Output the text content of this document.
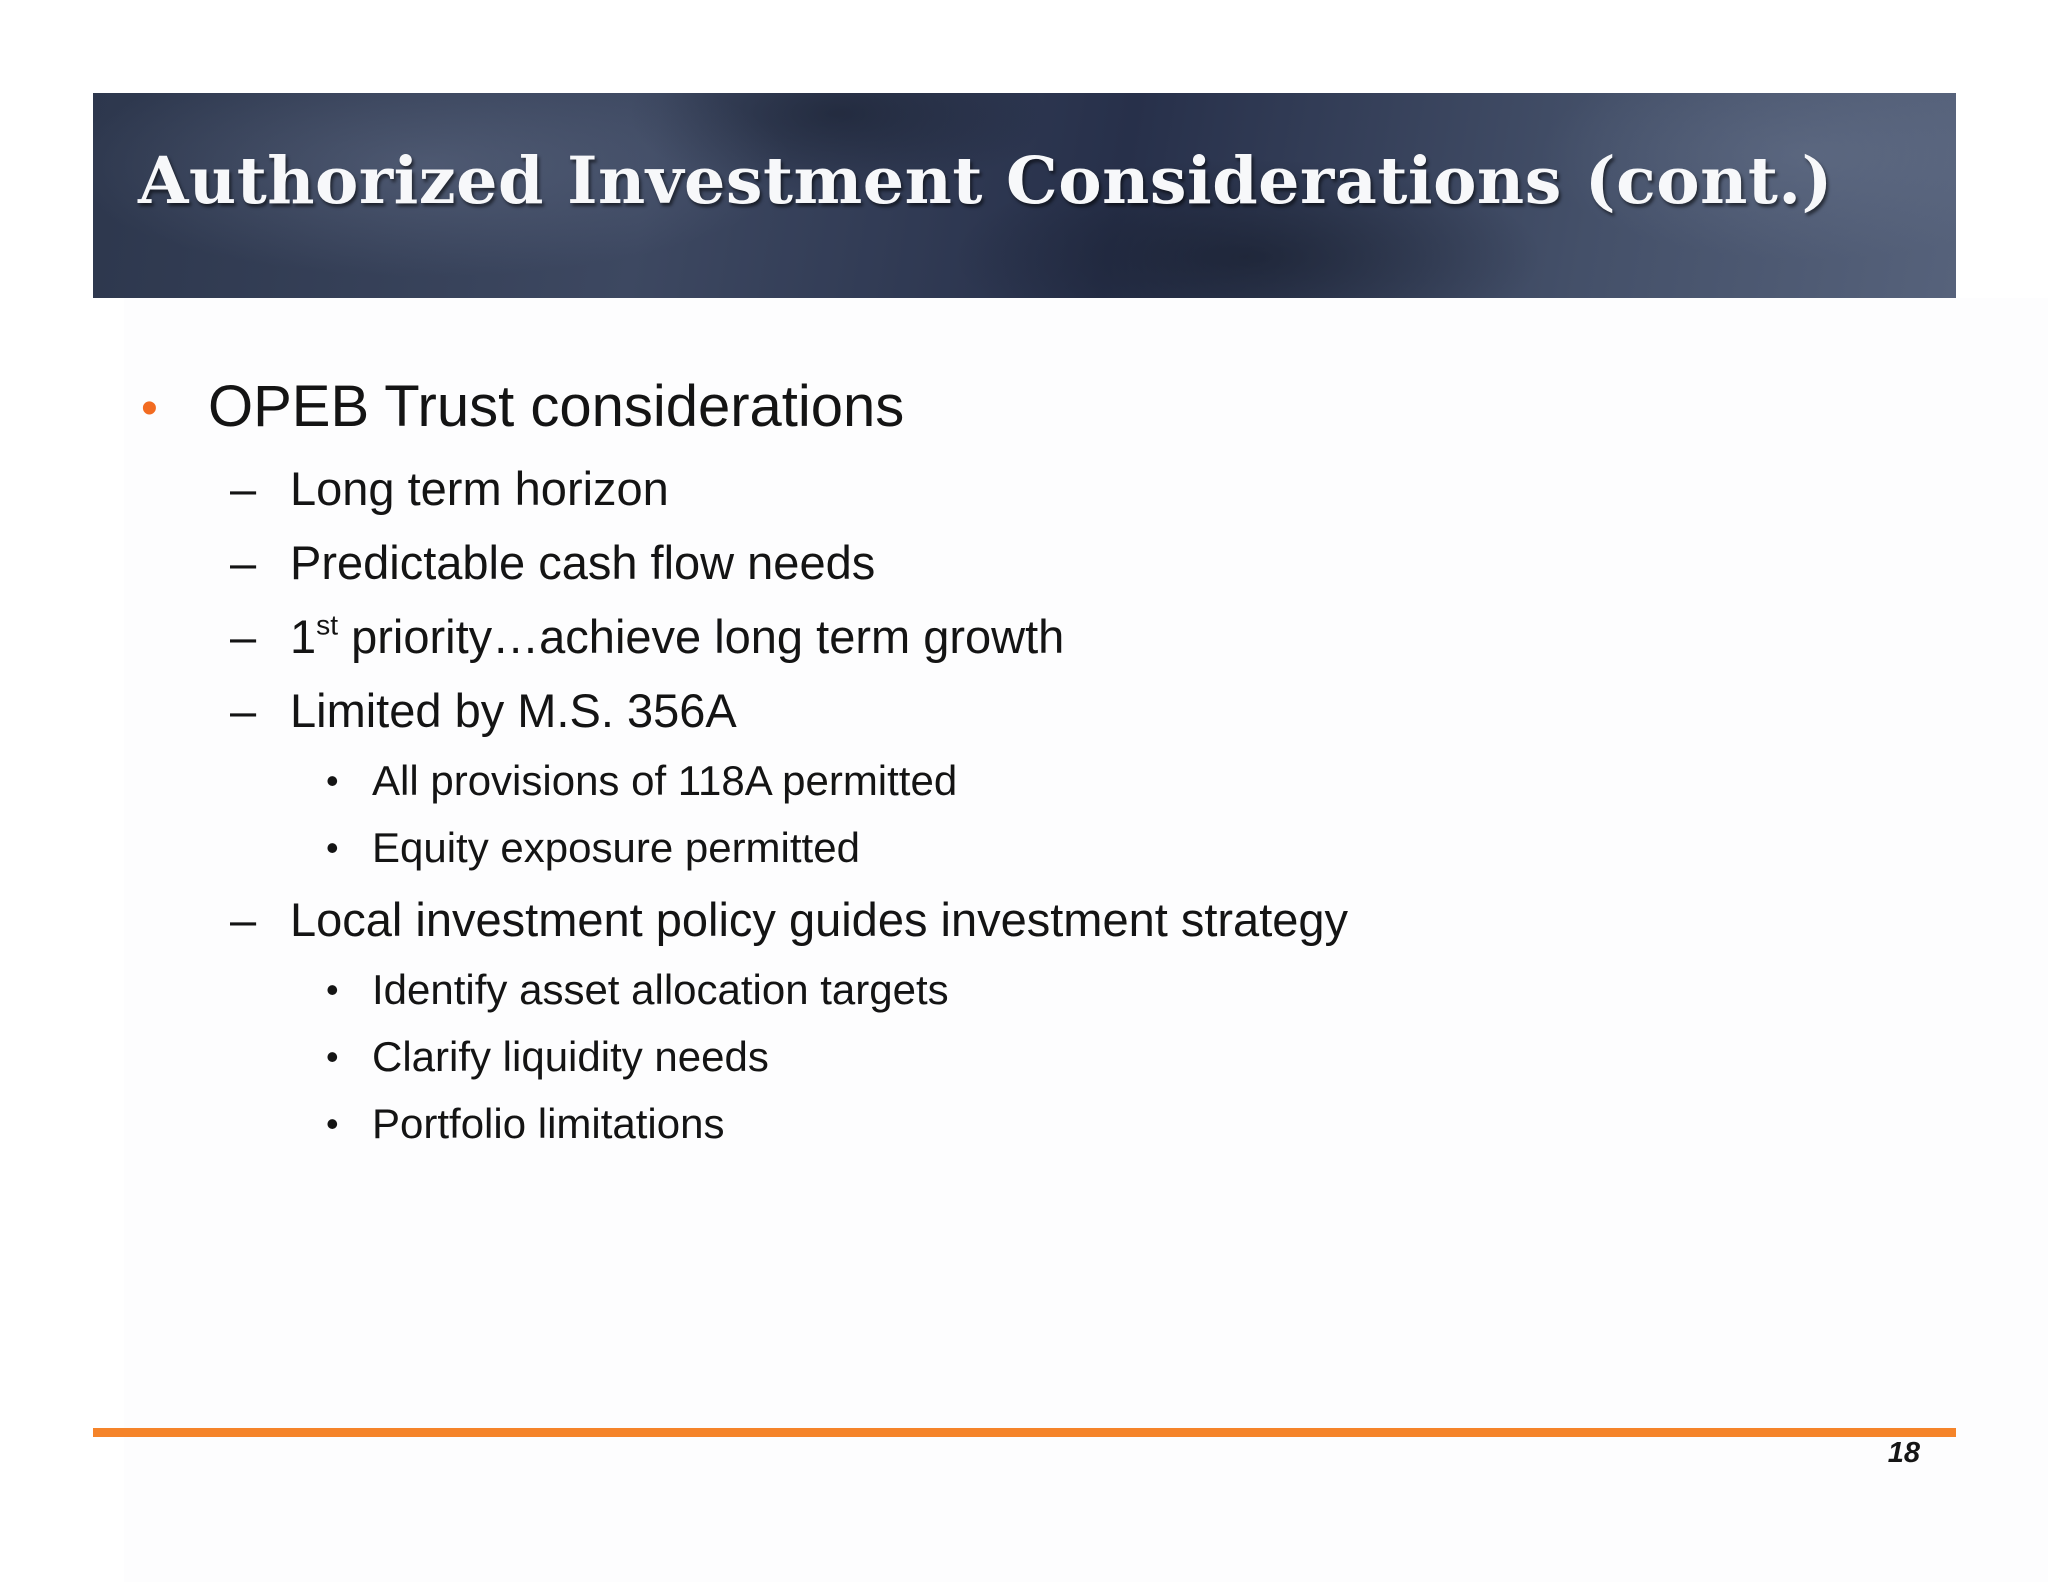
Authorized Investment Considerations (cont.)
• OPEB Trust considerations
– Long term horizon
– Predictable cash flow needs
– 1st priority…achieve long term growth
– Limited by M.S. 356A
• All provisions of 118A permitted
• Equity exposure permitted
– Local investment policy guides investment strategy
• Identify asset allocation targets
• Clarify liquidity needs
• Portfolio limitations
18
